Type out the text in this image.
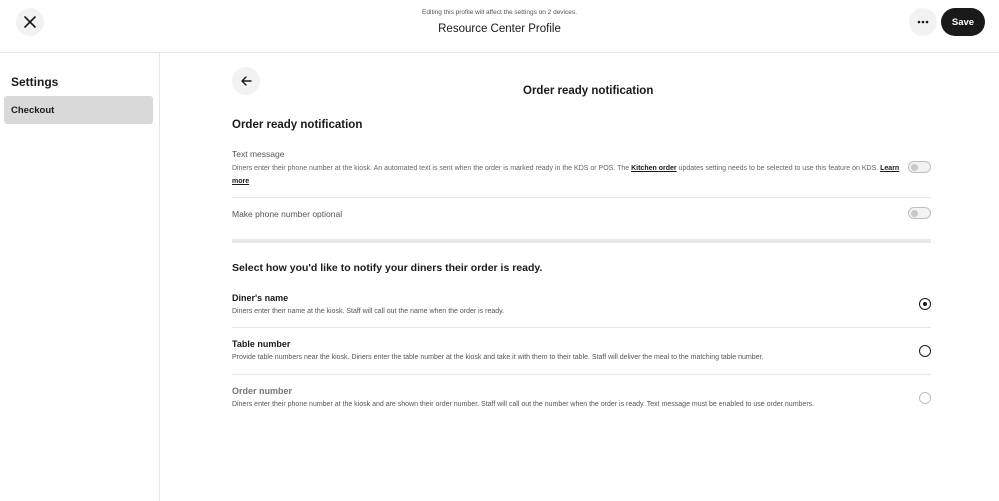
Editing this profile will affect the settings on 2 devices.
Resource Center Profile
Save
Settings
Checkout
Order ready notification
Order ready notification
Text message
Diners enter their phone number at the kiosk. An automated text is sent when the order is marked ready in the KDS or POS. The Kitchen order updates setting needs to be selected to use this feature on KDS. Learn more
Make phone number optional
Select how you'd like to notify your diners their order is ready.
Diner's name
Diners enter their name at the kiosk. Staff will call out the name when the order is ready.
Table number
Provide table numbers near the kiosk. Diners enter the table number at the kiosk and take it with them to their table. Staff will deliver the meal to the matching table number.
Order number
Diners enter their phone number at the kiosk and are shown their order number. Staff will call out the number when the order is ready. Text message must be enabled to use order numbers.
